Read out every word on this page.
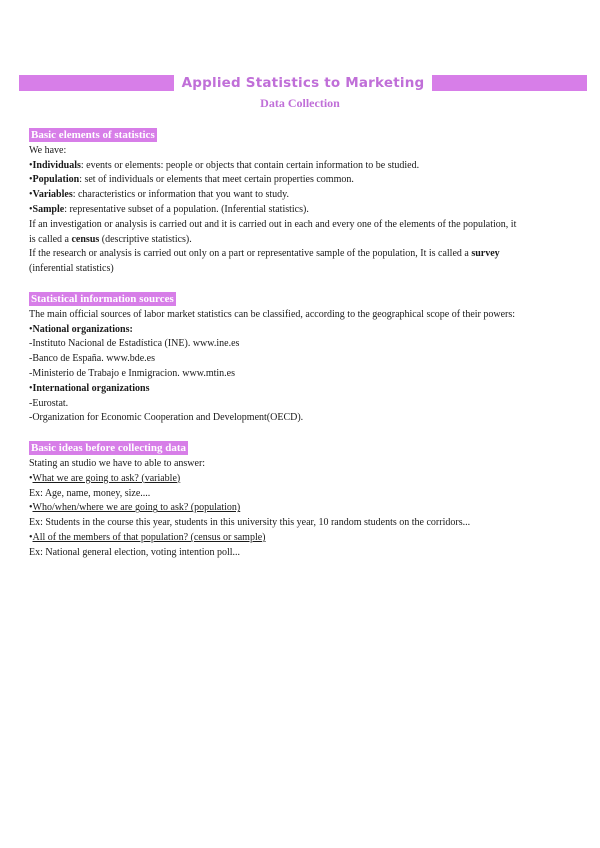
Applied Statistics to Marketing
Data Collection
Basic elements of statistics

We have:

•Individuals: events or elements: people or objects that contain certain information to be studied.

•Population: set of individuals or elements that meet certain properties common.

•Variables: characteristics or information that you want to study.

•Sample: representative subset of a population. (Inferential statistics).

If an investigation or analysis is carried out and it is carried out in each and every one of the elements of the population, it is called a census (descriptive statistics).

If the research or analysis is carried out only on a part or representative sample of the population, It is called a survey (inferential statistics)

Statistical information sources

The main official sources of labor market statistics can be classified, according to the geographical scope of their powers:

•National organizations:

-Instituto Nacional de Estadística (INE). www.ine.es

-Banco de España. www.bde.es

-Ministerio de Trabajo e Inmigracion. www.mtin.es

•International organizations

-Eurostat.

-Organization for Economic Cooperation and Development(OECD).

Basic ideas before collecting data

Stating an studio we have to able to answer:

•What we are going to ask? (variable)

Ex: Age, name, money, size....

•Who/when/where we are going to ask? (population)

Ex: Students in the course this year, students in this university this year, 10 random students on the corridors...

•All of the members of that population? (census or sample)

Ex: National general election, voting intention poll...
